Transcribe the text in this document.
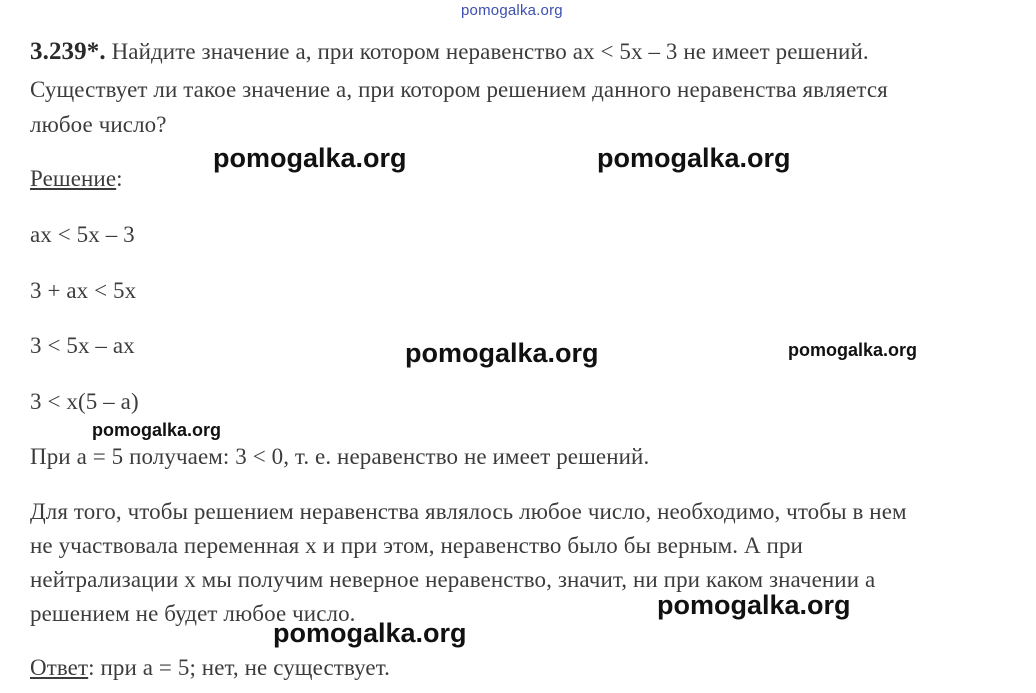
pomogalka.org
3.239*. Найдите значение а, при котором неравенство ах < 5х – 3 не имеет решений.
Существует ли такое значение а, при котором решением данного неравенства является
любое число?
Решение:
ах < 5х – 3
3 + ах < 5х
3 < 5х – ах
3 < х(5 – а)
При а = 5 получаем: 3 < 0, т. е. неравенство не имеет решений.
Для того, чтобы решением неравенства являлось любое число, необходимо, чтобы в нем
не участвовала переменная х и при этом, неравенство было бы верным. А при
нейтрализации х мы получим неверное неравенство, значит, ни при каком значении а
решением не будет любое число.
Ответ: при а = 5; нет, не существует.
pomogalka.org	pomogalka.org
pomogalka.org	pomogalka.org
pomogalka.org
pomogalka.org
pomogalka.org
